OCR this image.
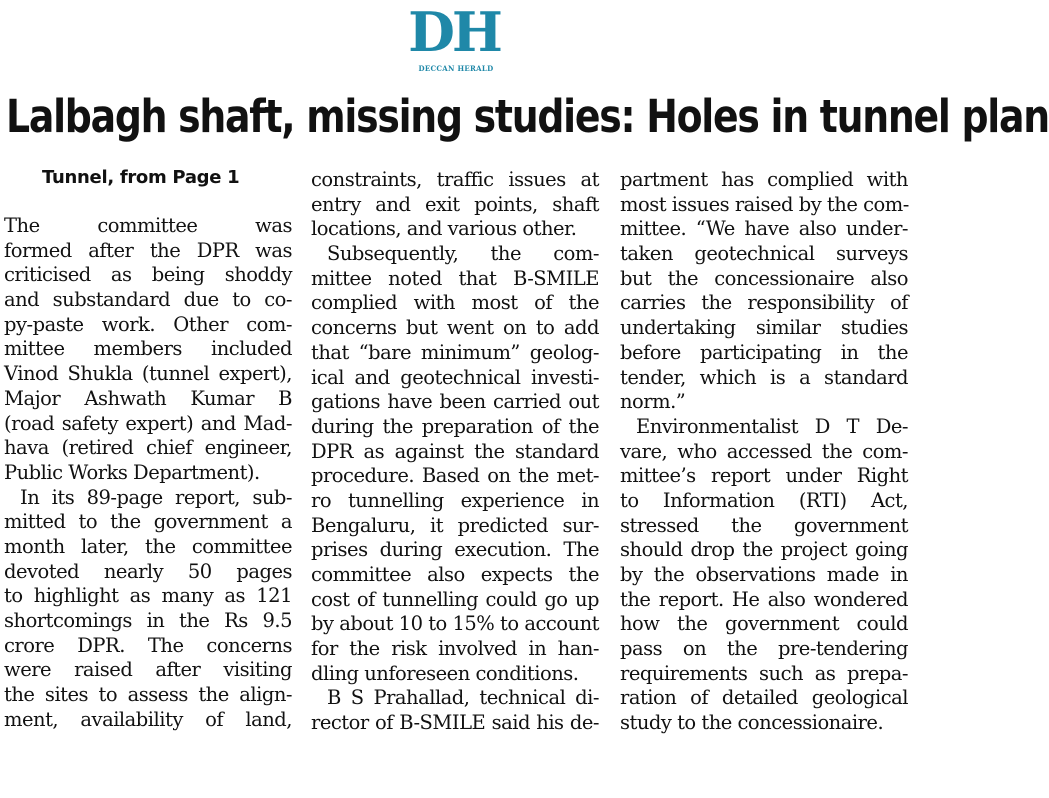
DH
DECCAN HERALD
Lalbagh shaft, missing studies: Holes in tunnel plan
Tunnel, from Page 1
The committee was
formed after the DPR was
criticised as being shoddy
and substandard due to co-
py-paste work. Other com-
mittee members included
Vinod Shukla (tunnel expert),
Major Ashwath Kumar B
(road safety expert) and Mad-
hava (retired chief engineer,
Public Works Department).
In its 89-page report, sub-
mitted to the government a
month later, the committee
devoted nearly 50 pages
to highlight as many as 121
shortcomings in the Rs 9.5
crore DPR. The concerns
were raised after visiting
the sites to assess the align-
ment, availability of land,
constraints, traffic issues at
entry and exit points, shaft
locations, and various other.
Subsequently, the com-
mittee noted that B-SMILE
complied with most of the
concerns but went on to add
that “bare minimum” geolog-
ical and geotechnical investi-
gations have been carried out
during the preparation of the
DPR as against the standard
procedure. Based on the met-
ro tunnelling experience in
Bengaluru, it predicted sur-
prises during execution. The
committee also expects the
cost of tunnelling could go up
by about 10 to 15% to account
for the risk involved in han-
dling unforeseen conditions.
B S Prahallad, technical di-
rector of B-SMILE said his de-
partment has complied with
most issues raised by the com-
mittee. “We have also under-
taken geotechnical surveys
but the concessionaire also
carries the responsibility of
undertaking similar studies
before participating in the
tender, which is a standard
norm.”
Environmentalist D T De-
vare, who accessed the com-
mittee’s report under Right
to Information (RTI) Act,
stressed the government
should drop the project going
by the observations made in
the report. He also wondered
how the government could
pass on the pre-tendering
requirements such as prepa-
ration of detailed geological
study to the concessionaire.
